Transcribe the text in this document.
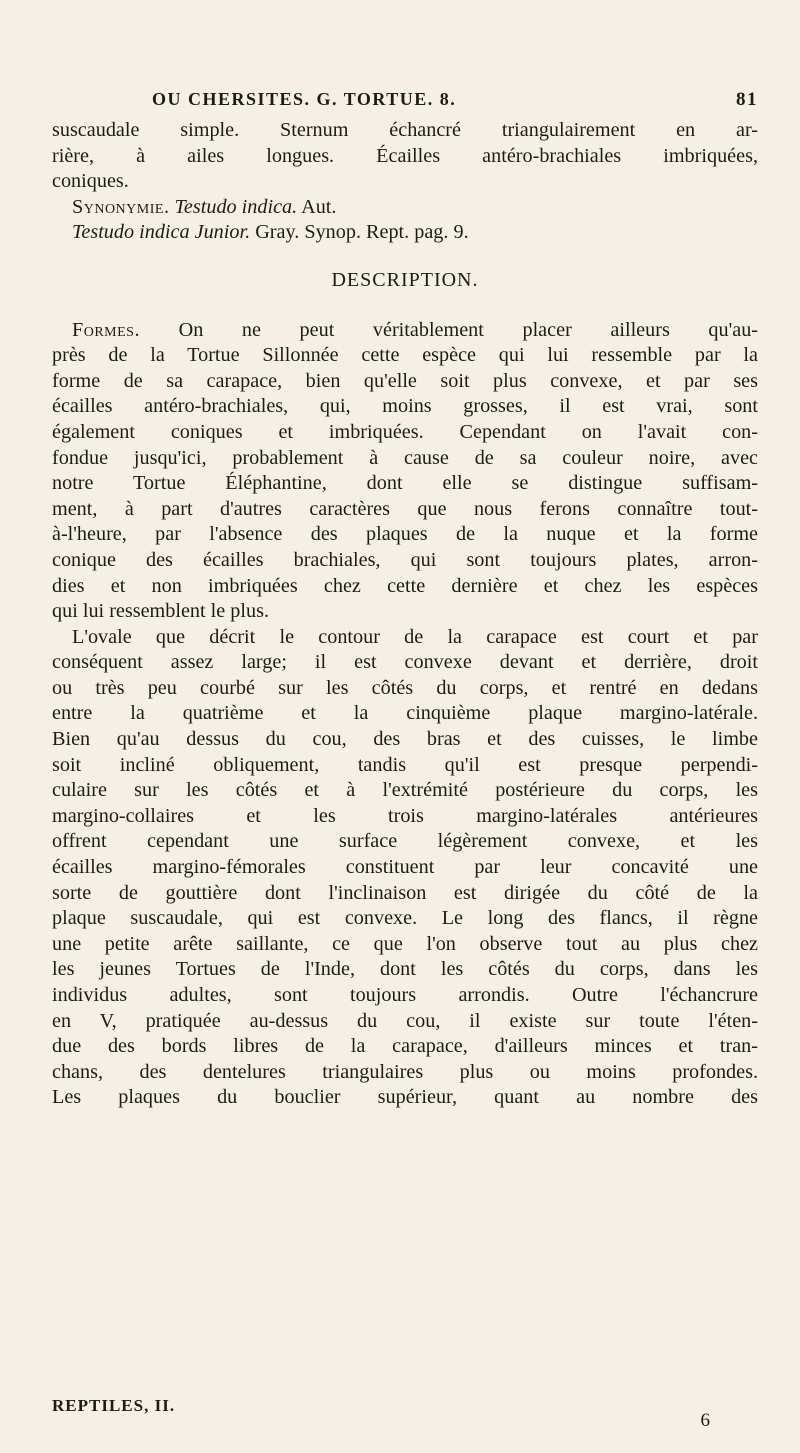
OU CHERSITES. G. TORTUE. 8.	81
suscaudale simple. Sternum échancré triangulairement en ar-
rière, à ailes longues. Écailles antéro-brachiales imbriquées,
coniques.
Synonymie. Testudo indica. Aut.
Testudo indica Junior. Gray. Synop. Rept. pag. 9.
DESCRIPTION.
Formes. On ne peut véritablement placer ailleurs qu'au-
près de la Tortue Sillonnée cette espèce qui lui ressemble par la
forme de sa carapace, bien qu'elle soit plus convexe, et par ses
écailles antéro-brachiales, qui, moins grosses, il est vrai, sont
également coniques et imbriquées. Cependant on l'avait con-
fondue jusqu'ici, probablement à cause de sa couleur noire, avec
notre Tortue Éléphantine, dont elle se distingue suffisam-
ment, à part d'autres caractères que nous ferons connaître tout-
à-l'heure, par l'absence des plaques de la nuque et la forme
conique des écailles brachiales, qui sont toujours plates, arron-
dies et non imbriquées chez cette dernière et chez les espèces
qui lui ressemblent le plus.
L'ovale que décrit le contour de la carapace est court et par
conséquent assez large; il est convexe devant et derrière, droit
ou très peu courbé sur les côtés du corps, et rentré en dedans
entre la quatrième et la cinquième plaque margino-latérale.
Bien qu'au dessus du cou, des bras et des cuisses, le limbe
soit incliné obliquement, tandis qu'il est presque perpendi-
culaire sur les côtés et à l'extrémité postérieure du corps, les
margino-collaires et les trois margino-latérales antérieures
offrent cependant une surface légèrement convexe, et les
écailles margino-fémorales constituent par leur concavité une
sorte de gouttière dont l'inclinaison est dirigée du côté de la
plaque suscaudale, qui est convexe. Le long des flancs, il règne
une petite arête saillante, ce que l'on observe tout au plus chez
les jeunes Tortues de l'Inde, dont les côtés du corps, dans les
individus adultes, sont toujours arrondis. Outre l'échancrure
en V, pratiquée au-dessus du cou, il existe sur toute l'éten-
due des bords libres de la carapace, d'ailleurs minces et tran-
chans, des dentelures triangulaires plus ou moins profondes.
Les plaques du bouclier supérieur, quant au nombre des
REPTILES, II.
6
